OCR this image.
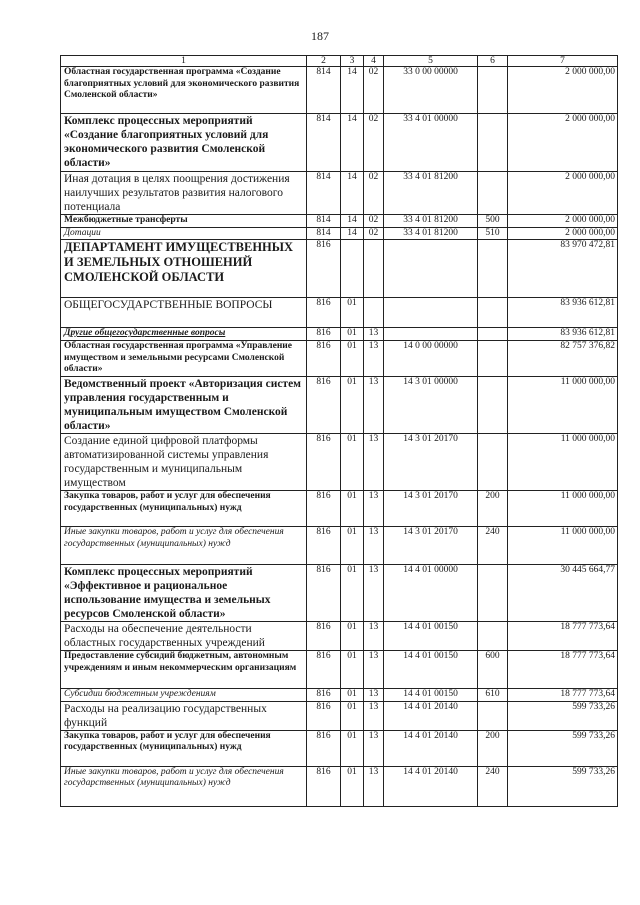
187
1	2	3	4	5	6	7
Областная государственная программа «Создание благоприятных условий для экономического развития Смоленской области»	814	14	02	33 0 00 00000		2 000 000,00
Комплекс процессных мероприятий «Создание благоприятных условий для экономического развития Смоленской области»	814	14	02	33 4 01 00000		2 000 000,00
Иная дотация в целях поощрения достижения наилучших результатов развития налогового потенциала	814	14	02	33 4 01 81200		2 000 000,00
Межбюджетные трансферты	814	14	02	33 4 01 81200	500	2 000 000,00
Дотации	814	14	02	33 4 01 81200	510	2 000 000,00
ДЕПАРТАМЕНТ ИМУЩЕСТВЕННЫХ И ЗЕМЕЛЬНЫХ ОТНОШЕНИЙ СМОЛЕНСКОЙ ОБЛАСТИ	816					83 970 472,81
ОБЩЕГОСУДАРСТВЕННЫЕ ВОПРОСЫ	816	01				83 936 612,81
Другие общегосударственные вопросы	816	01	13			83 936 612,81
Областная государственная программа «Управление имуществом и земельными ресурсами Смоленской области»	816	01	13	14 0 00 00000		82 757 376,82
Ведомственный проект «Авторизация систем управления государственным и муниципальным имуществом Смоленской области»	816	01	13	14 3 01 00000		11 000 000,00
Создание единой цифровой платформы автоматизированной системы управления государственным и муниципальным имуществом	816	01	13	14 3 01 20170		11 000 000,00
Закупка товаров, работ и услуг для обеспечения государственных (муниципальных) нужд	816	01	13	14 3 01 20170	200	11 000 000,00
Иные закупки товаров, работ и услуг для обеспечения государственных (муниципальных) нужд	816	01	13	14 3 01 20170	240	11 000 000,00
Комплекс процессных мероприятий «Эффективное и рациональное использование имущества и земельных ресурсов Смоленской области»	816	01	13	14 4 01 00000		30 445 664,77
Расходы на обеспечение деятельности областных государственных учреждений	816	01	13	14 4 01 00150		18 777 773,64
Предоставление субсидий бюджетным, автономным учреждениям и иным некоммерческим организациям	816	01	13	14 4 01 00150	600	18 777 773,64
Субсидии бюджетным учреждениям	816	01	13	14 4 01 00150	610	18 777 773,64
Расходы на реализацию государственных функций	816	01	13	14 4 01 20140		599 733,26
Закупка товаров, работ и услуг для обеспечения государственных (муниципальных) нужд	816	01	13	14 4 01 20140	200	599 733,26
Иные закупки товаров, работ и услуг для обеспечения государственных (муниципальных) нужд	816	01	13	14 4 01 20140	240	599 733,26
